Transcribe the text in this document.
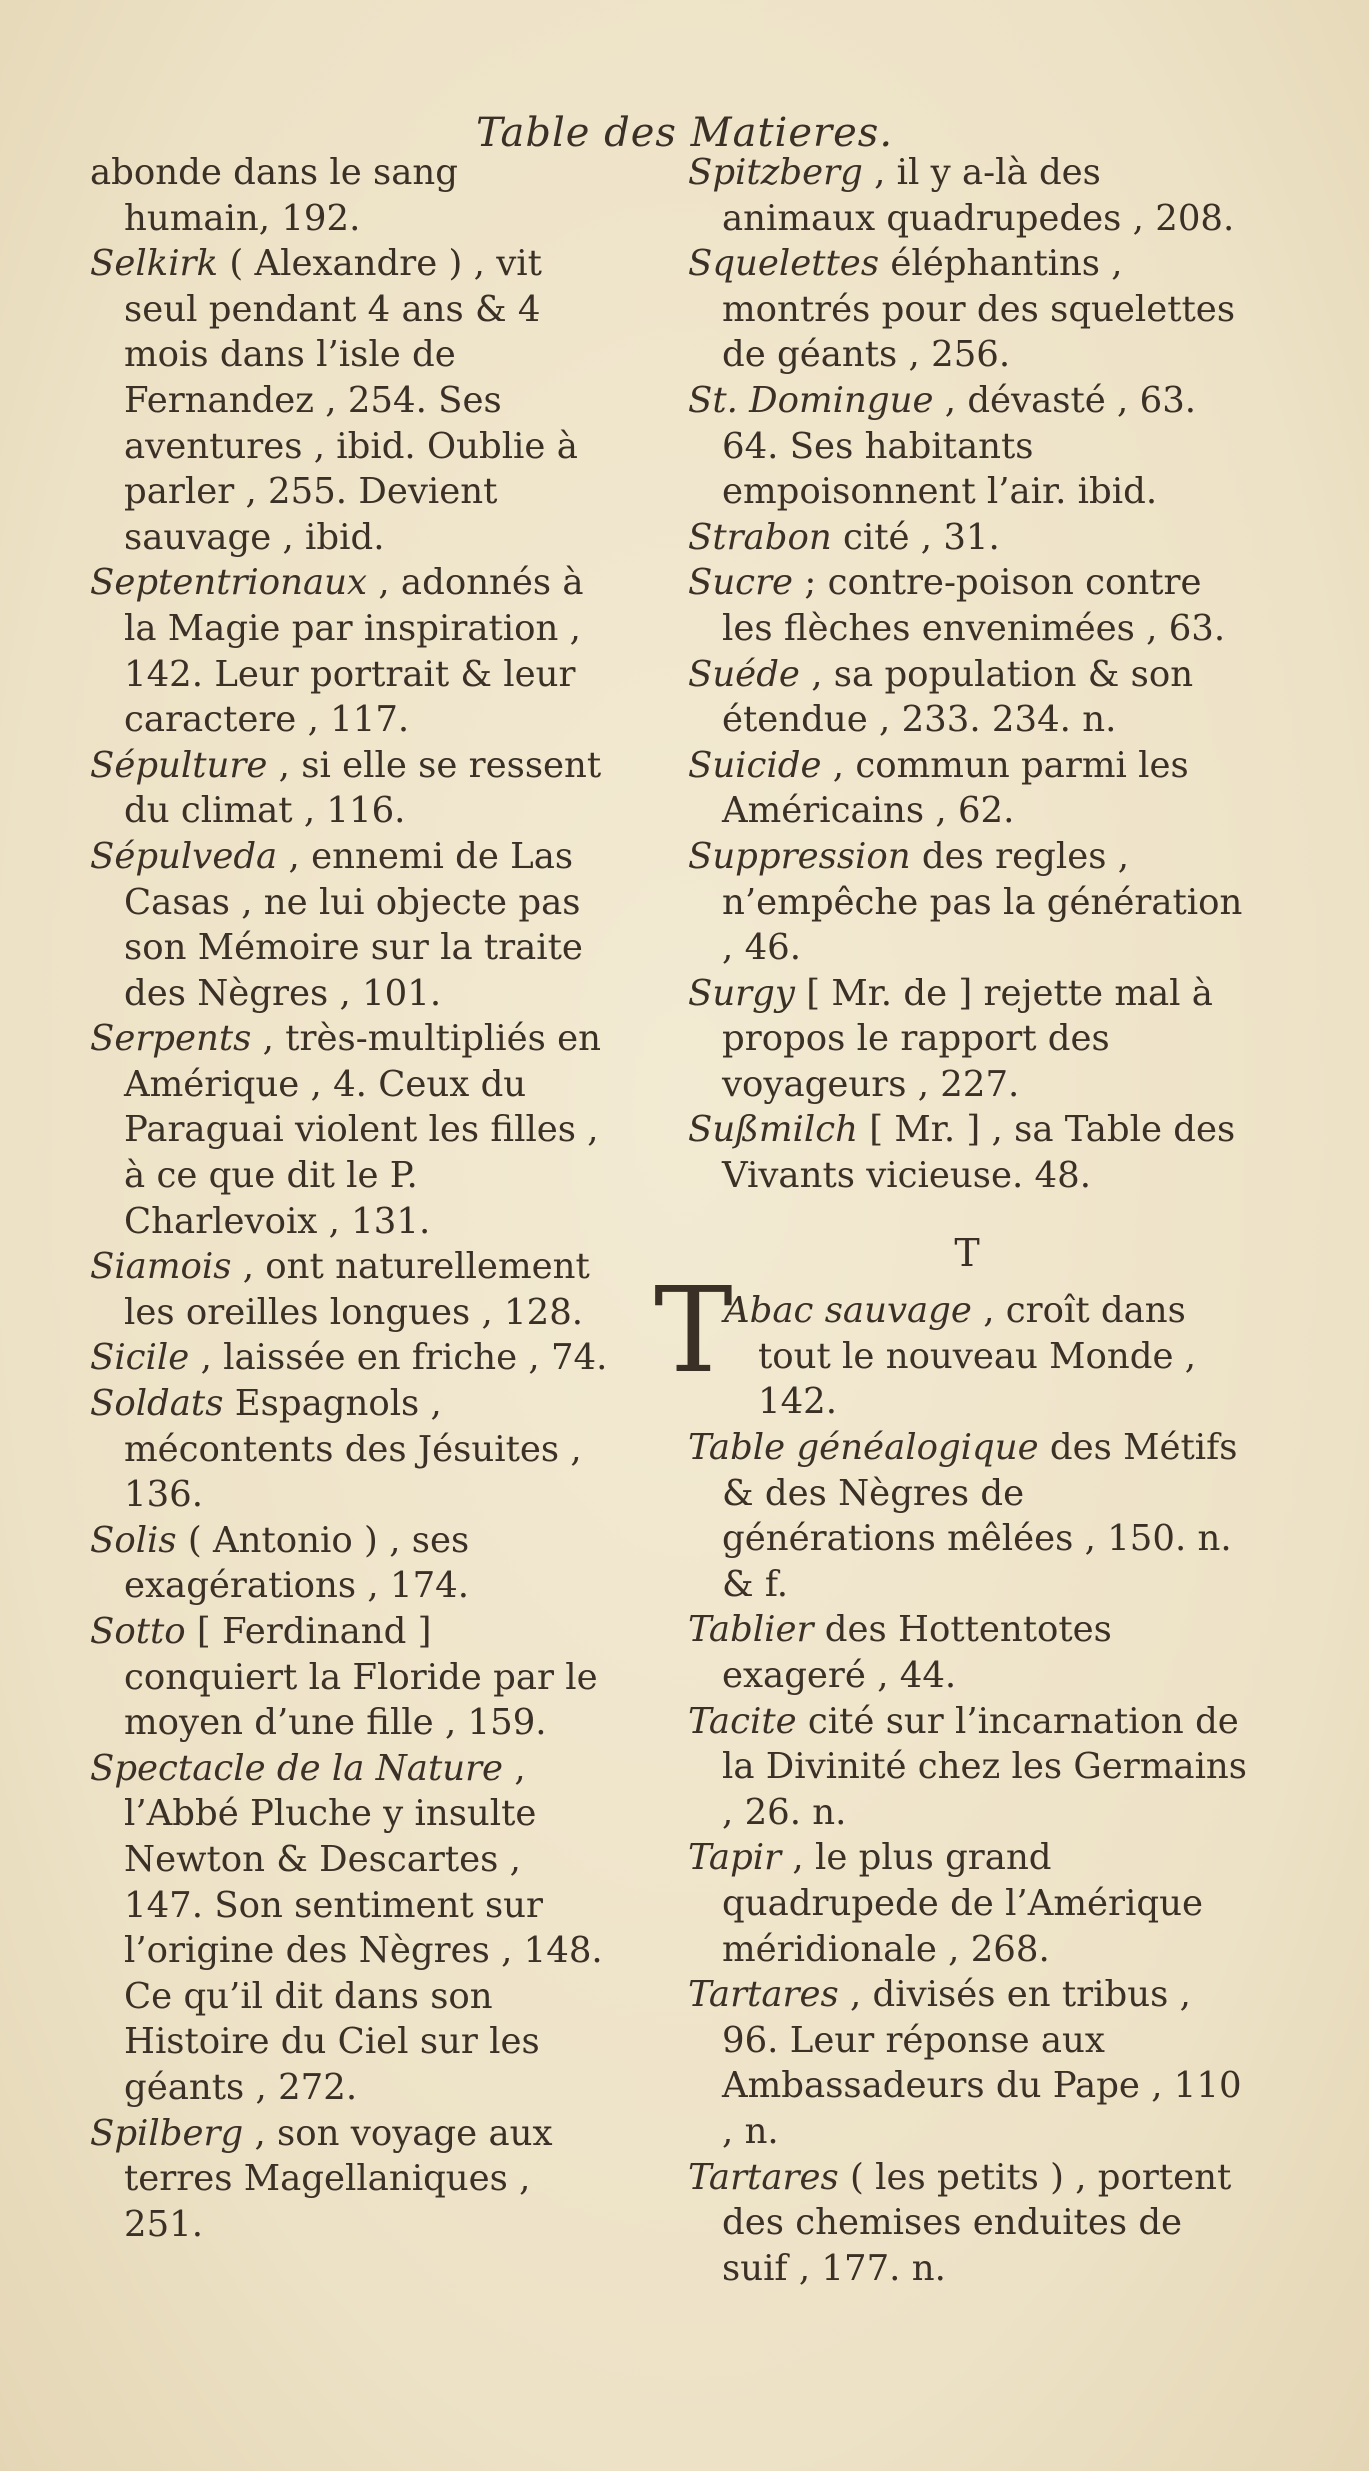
Table des Matieres.

abonde dans le sang humain, 192.

Selkirk ( Alexandre ) , vit seul pendant 4 ans & 4 mois dans l’isle de Fernandez , 254. Ses aventures , ibid. Oublie à parler , 255. Devient sauvage , ibid.

Septentrionaux , adonnés à la Magie par inspiration , 142. Leur portrait & leur caractere , 117.

Sépulture , si elle se ressent du climat , 116.

Sépulveda , ennemi de Las Casas , ne lui objecte pas son Mémoire sur la traite des Nègres , 101.

Serpents , très-multipliés en Amérique , 4. Ceux du Paraguai violent les filles , à ce que dit le P. Charlevoix , 131.

Siamois , ont naturellement les oreilles longues , 128.

Sicile , laissée en friche , 74.

Soldats Espagnols , mécontents des Jésuites , 136.

Solis ( Antonio ) , ses exagérations , 174.

Sotto [ Ferdinand ] conquiert la Floride par le moyen d’une fille , 159.

Spectacle de la Nature , l’Abbé Pluche y insulte Newton & Descartes , 147. Son sentiment sur l’origine des Nègres , 148. Ce qu’il dit dans son Histoire du Ciel sur les géants , 272.

Spilberg , son voyage aux terres Magellaniques , 251.

Spitzberg , il y a-là des animaux quadrupedes , 208.

Squelettes éléphantins , montrés pour des squelettes de géants , 256.

St. Domingue , dévasté , 63. 64. Ses habitants empoisonnent l’air. ibid.

Strabon cité , 31.

Sucre ; contre-poison contre les flèches envenimées , 63.

Suéde , sa population & son étendue , 233. 234. n.

Suicide , commun parmi les Américains , 62.

Suppression des regles , n’empêche pas la génération , 46.

Surgy [ Mr. de ] rejette mal à propos le rapport des voyageurs , 227.

Sußmilch [ Mr. ] , sa Table des Vivants vicieuse. 48.

T

T
Abac sauvage , croît dans tout le nouveau Monde , 142.

Table généalogique des Métifs & des Nègres de générations mêlées , 150. n. & f.

Tablier des Hottentotes exageré , 44.

Tacite cité sur l’incarnation de la Divinité chez les Germains , 26. n.

Tapir , le plus grand quadrupede de l’Amérique méridionale , 268.

Tartares , divisés en tribus , 96. Leur réponse aux Ambassadeurs du Pape , 110 , n.

Tartares ( les petits ) , portent des chemises enduites de suif , 177. n.
